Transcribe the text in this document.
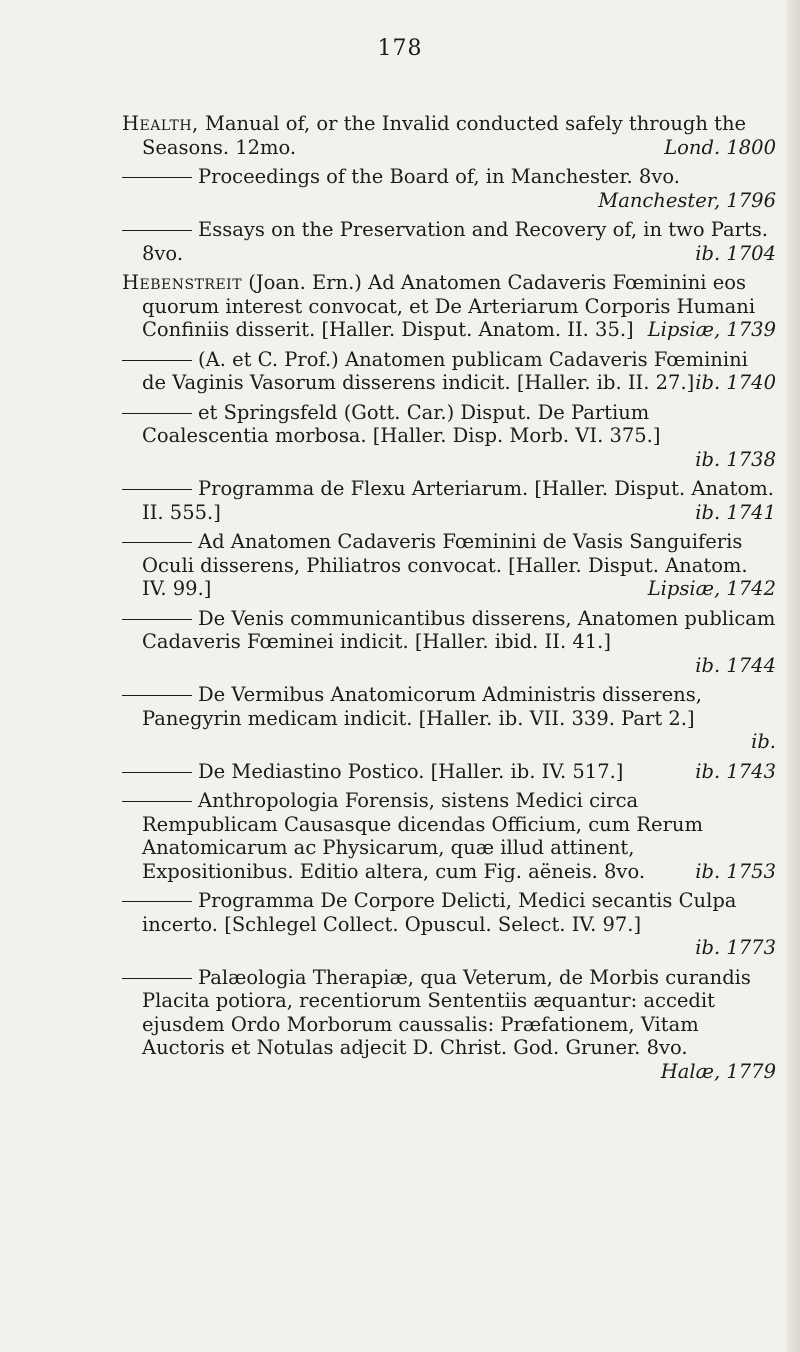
178

Health, Manual of, or the Invalid conducted safely through the Seasons. 12mo.	Lond. 1800

Proceedings of the Board of, in Manchester. 8vo.
Manchester, 1796

Essays on the Preservation and Recovery of, in two Parts. 8vo.	ib. 1704

Hebenstreit (Joan. Ern.) Ad Anatomen Cadaveris Fœminini eos quorum interest convocat, et De Arteriarum Corporis Humani Confiniis disserit. [Haller. Disput. Anatom. II. 35.] Lipsiæ, 1739

(A. et C. Prof.) Anatomen publicam Cadaveris Fœminini de Vaginis Vasorum disserens indicit. [Haller. ib. II. 27.] ib. 1740

et Springsfeld (Gott. Car.) Disput. De Partium Coalescentia morbosa. [Haller. Disp. Morb. VI. 375.]
ib. 1738

Programma de Flexu Arteriarum. [Haller. Disput. Anatom. II. 555.]	ib. 1741

Ad Anatomen Cadaveris Fœminini de Vasis Sanguiferis Oculi disserens, Philiatros convocat. [Haller. Disput. Anatom. IV. 99.]	Lipsiæ, 1742

De Venis communicantibus disserens, Anatomen publicam Cadaveris Fœminei indicit. [Haller. ibid. II. 41.]
ib. 1744

De Vermibus Anatomicorum Administris disserens, Panegyrin medicam indicit. [Haller. ib. VII. 339. Part 2.]
ib.

De Mediastino Postico. [Haller. ib. IV. 517.]	ib. 1743

Anthropologia Forensis, sistens Medici circa Rempublicam Causasque dicendas Officium, cum Rerum Anatomicarum ac Physicarum, quæ illud attinent, Expositionibus. Editio altera, cum Fig. aëneis. 8vo.	ib. 1753

Programma De Corpore Delicti, Medici secantis Culpa incerto. [Schlegel Collect. Opuscul. Select. IV. 97.]
ib. 1773

Palæologia Therapiæ, qua Veterum, de Morbis curandis Placita potiora, recentiorum Sententiis æquantur: accedit ejusdem Ordo Morborum caussalis: Præfationem, Vitam Auctoris et Notulas adjecit D. Christ. God. Gruner. 8vo.
Halæ, 1779
